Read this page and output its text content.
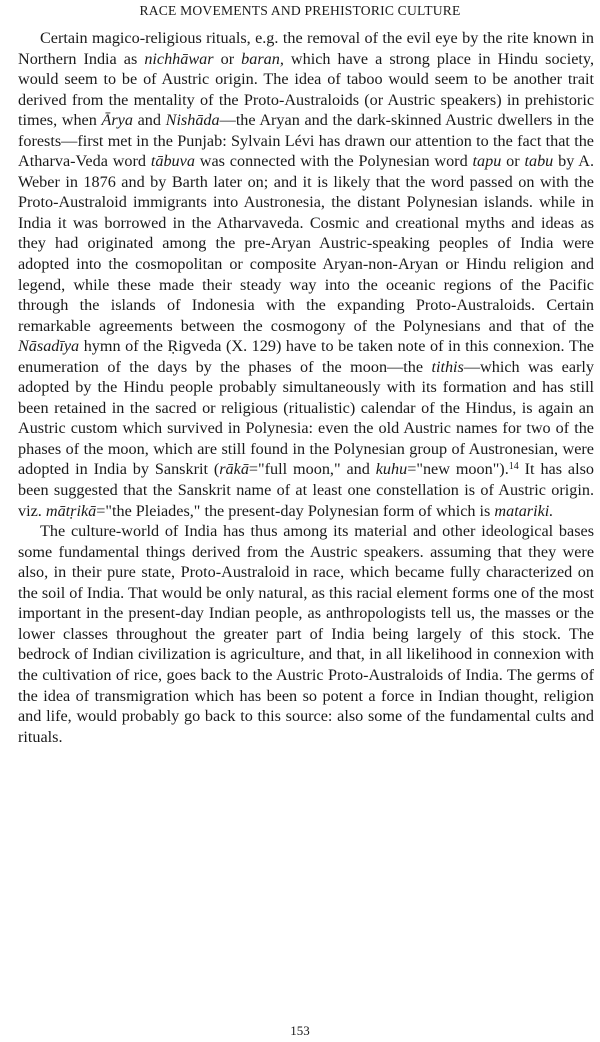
RACE MOVEMENTS AND PREHISTORIC CULTURE

Certain magico-religious rituals, e.g. the removal of the evil eye by the rite known in Northern India as nichhāwar or baran, which have a strong place in Hindu society, would seem to be of Austric origin. The idea of taboo would seem to be another trait derived from the mentality of the Proto-Australoids (or Austric speakers) in prehistoric times, when Ārya and Nishāda—the Aryan and the dark-skinned Austric dwellers in the forests—first met in the Punjab: Sylvain Lévi has drawn our attention to the fact that the Atharva-Veda word tābuva was connected with the Polynesian word tapu or tabu by A. Weber in 1876 and by Barth later on; and it is likely that the word passed on with the Proto-Australoid immigrants into Austronesia, the distant Polynesian islands. while in India it was borrowed in the Atharvaveda. Cosmic and creational myths and ideas as they had originated among the pre-Aryan Austric-speaking peoples of India were adopted into the cosmopolitan or composite Aryan-non-Aryan or Hindu religion and legend, while these made their steady way into the oceanic regions of the Pacific through the islands of Indonesia with the expanding Proto-Australoids. Certain remarkable agreements between the cosmogony of the Polynesians and that of the Nāsadīya hymn of the Ṛigveda (X. 129) have to be taken note of in this connexion. The enumeration of the days by the phases of the moon—the tithis—which was early adopted by the Hindu people probably simultaneously with its formation and has still been retained in the sacred or religious (ritualistic) calendar of the Hindus, is again an Austric custom which survived in Polynesia: even the old Austric names for two of the phases of the moon, which are still found in the Polynesian group of Austronesian, were adopted in India by Sanskrit (rākā="full moon," and kuhu="new moon").$^{14}$ It has also been suggested that the Sanskrit name of at least one constellation is of Austric origin. viz. mātṛikā="the Pleiades," the present-day Polynesian form of which is matariki.

The culture-world of India has thus among its material and other ideological bases some fundamental things derived from the Austric speakers. assuming that they were also, in their pure state, Proto-Australoid in race, which became fully characterized on the soil of India. That would be only natural, as this racial element forms one of the most important in the present-day Indian people, as anthropologists tell us, the masses or the lower classes throughout the greater part of India being largely of this stock. The bedrock of Indian civilization is agriculture, and that, in all likelihood in connexion with the cultivation of rice, goes back to the Austric Proto-Australoids of India. The germs of the idea of transmigration which has been so potent a force in Indian thought, religion and life, would probably go back to this source: also some of the fundamental cults and rituals.

153
